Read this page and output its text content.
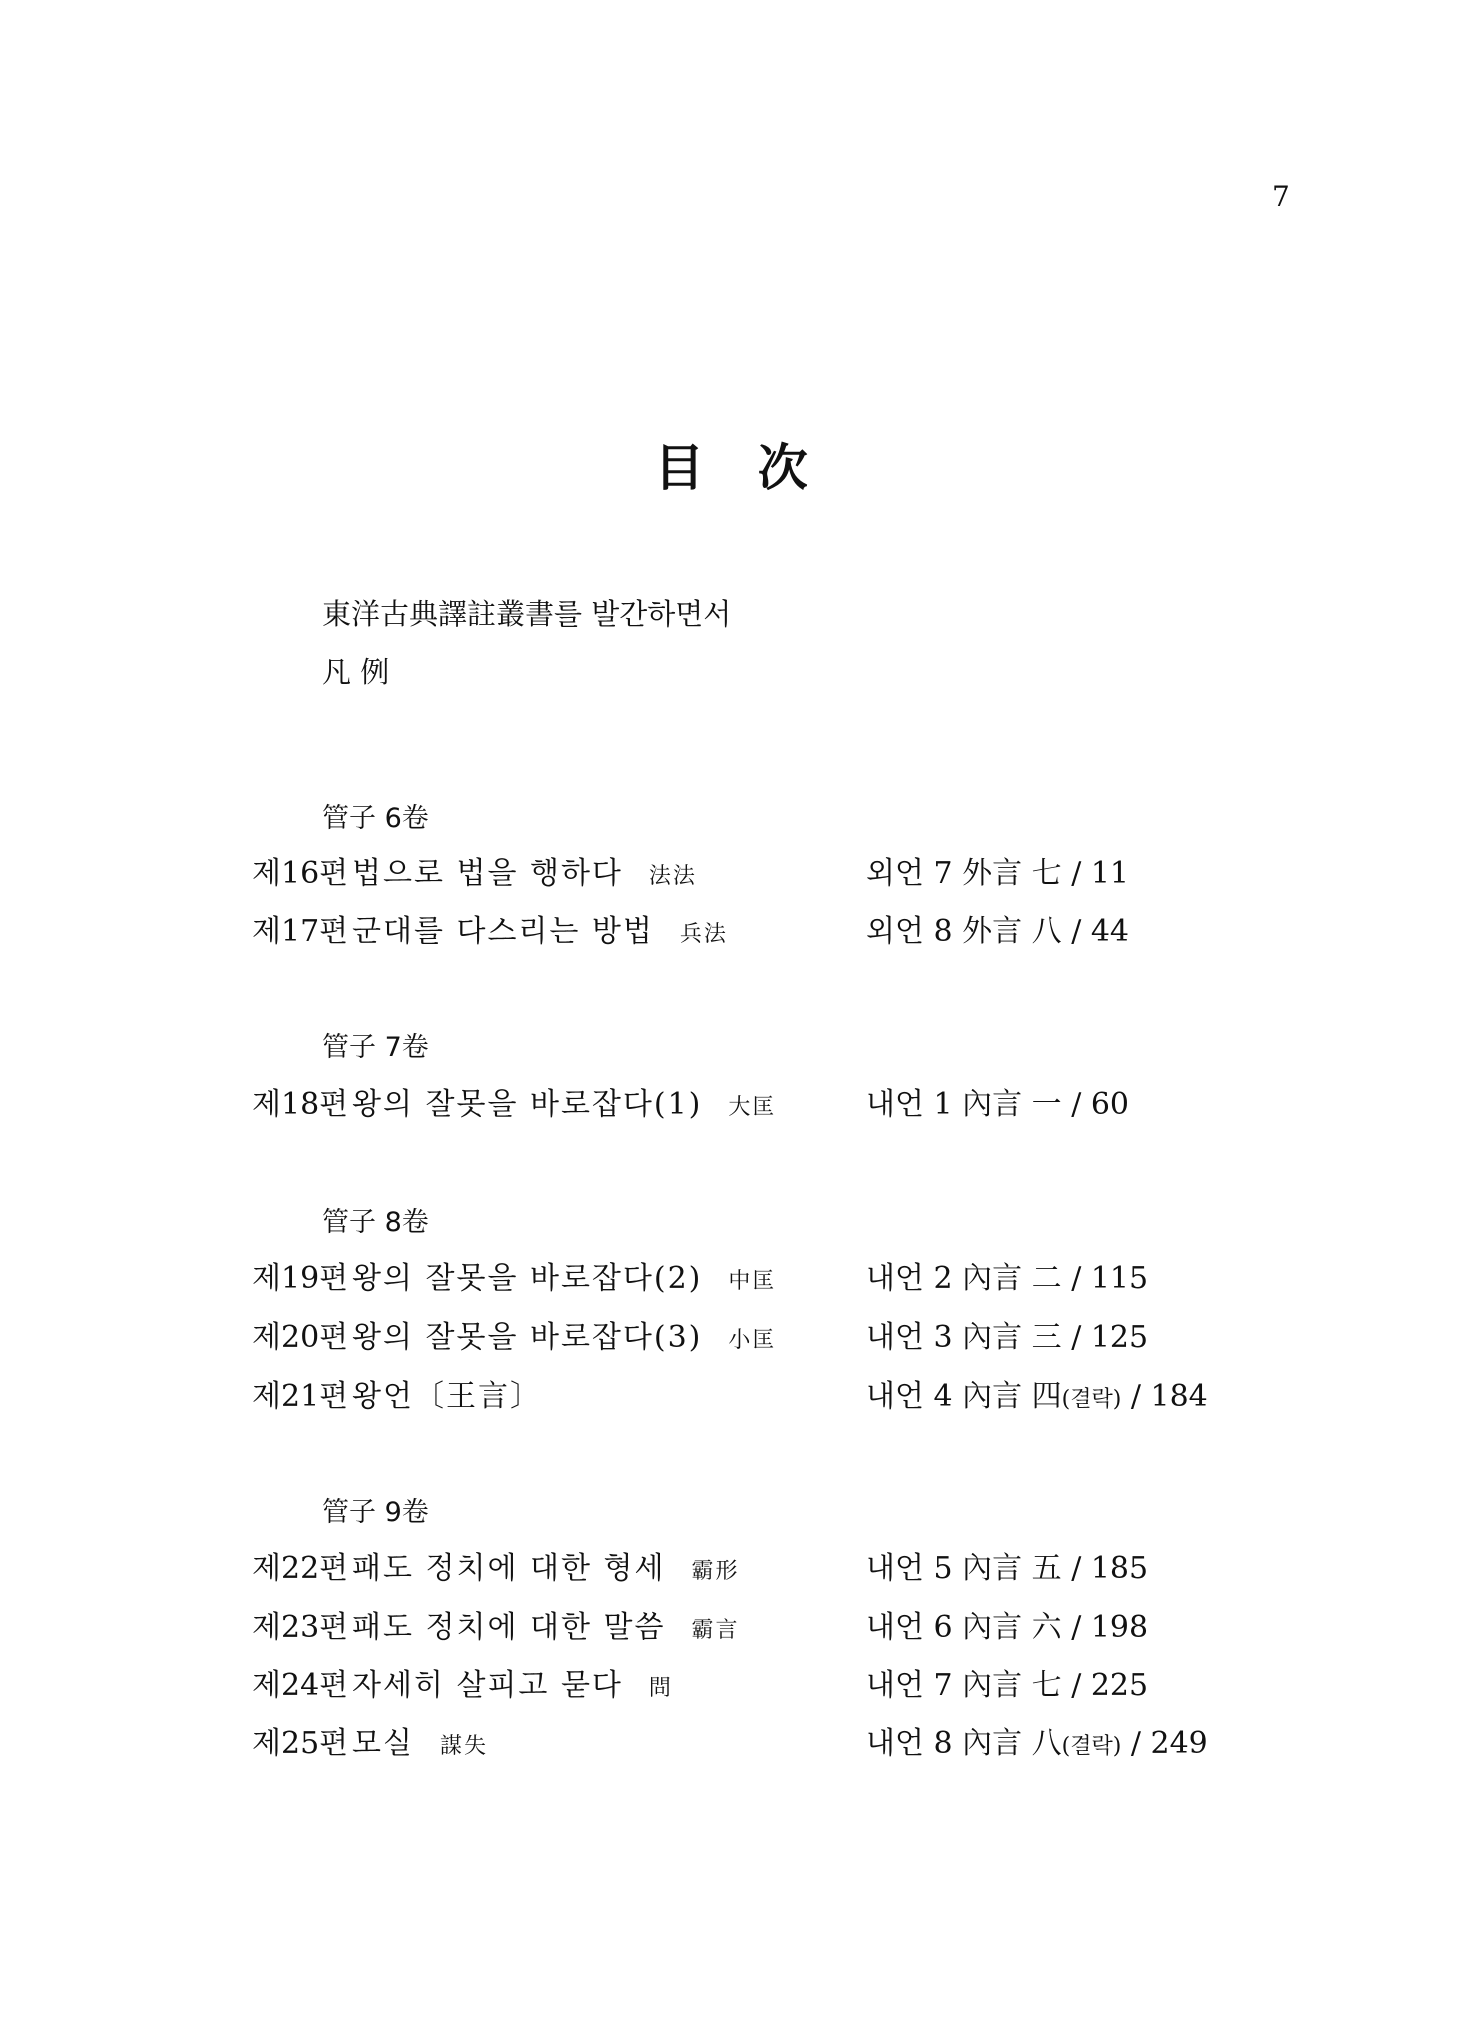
7
目 次
東洋古典譯註叢書를 발간하면서
凡 例
管子 6卷
제16편 법으로 법을 행하다 法法	외언 7 外言 七 / 11
제17편 군대를 다스리는 방법 兵法	외언 8 外言 八 / 44
管子 7卷
제18편 왕의 잘못을 바로잡다(1) 大匡	내언 1 內言 一 / 60
管子 8卷
제19편 왕의 잘못을 바로잡다(2) 中匡	내언 2 內言 二 / 115
제20편 왕의 잘못을 바로잡다(3) 小匡	내언 3 內言 三 / 125
제21편 왕언〔王言〕	내언 4 內言 四(결락) / 184
管子 9卷
제22편 패도 정치에 대한 형세 霸形	내언 5 內言 五 / 185
제23편 패도 정치에 대한 말씀 霸言	내언 6 內言 六 / 198
제24편 자세히 살피고 묻다 問	내언 7 內言 七 / 225
제25편 모실 謀失	내언 8 內言 八(결락) / 249
